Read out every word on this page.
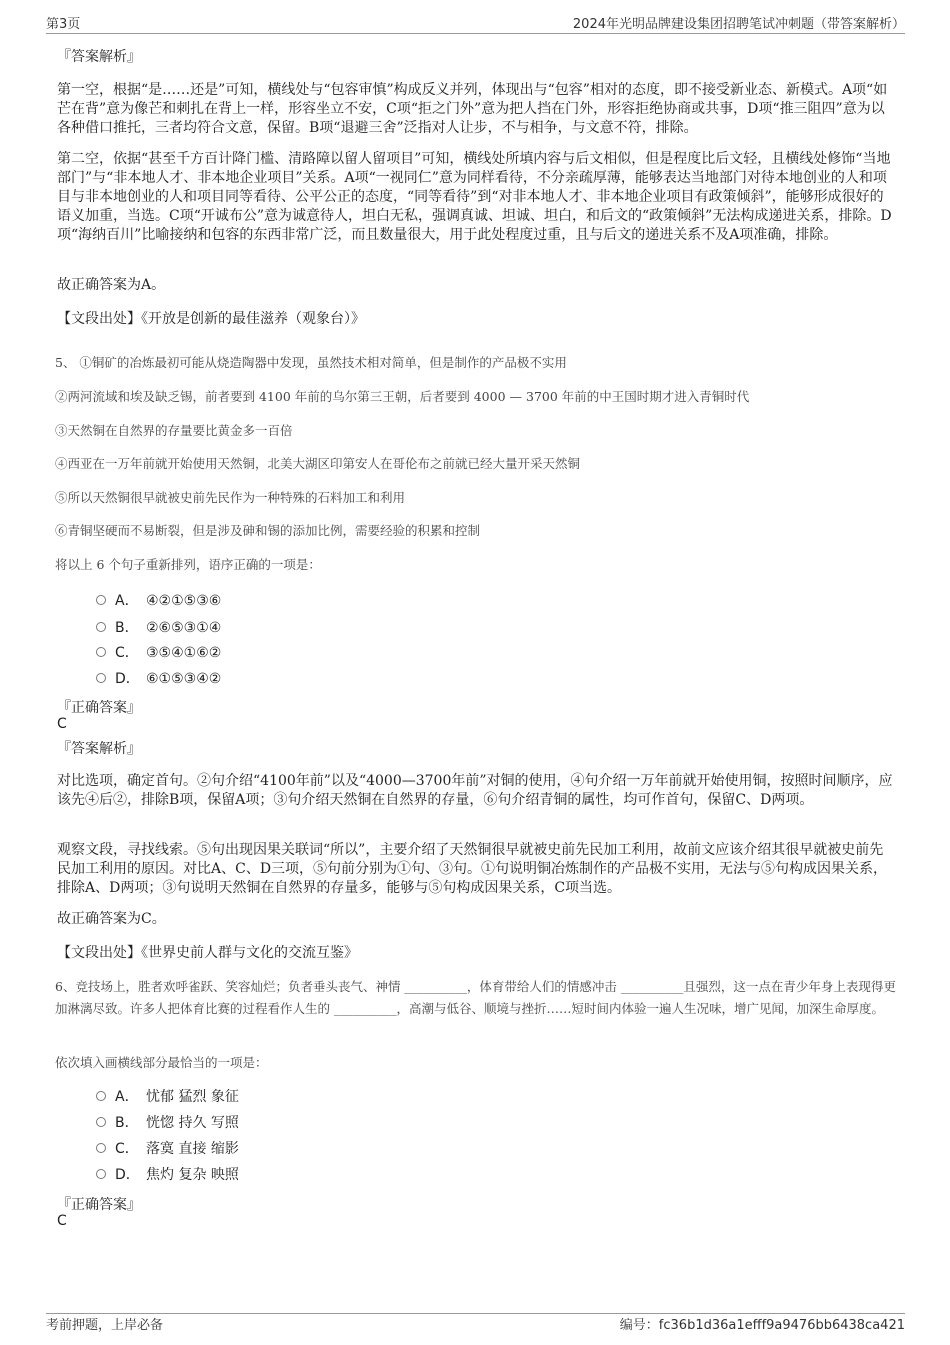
第3页	2024年光明品牌建设集团招聘笔试冲刺题（带答案解析）
『答案解析』

第一空，根据“是……还是”可知，横线处与“包容审慎”构成反义并列，体现出与“包容”相对的态度，即不接受新业态、新模式。A项“如芒在背”意为像芒和刺扎在背上一样，形容坐立不安，C项“拒之门外”意为把人挡在门外，形容拒绝协商或共事，D项“推三阻四”意为以各种借口推托，三者均符合文意，保留。B项“退避三舍”泛指对人让步，不与相争，与文意不符，排除。

第二空，依据“甚至千方百计降门槛、清路障以留人留项目”可知，横线处所填内容与后文相似，但是程度比后文轻，且横线处修饰“当地部门”与“非本地人才、非本地企业项目”关系。A项“一视同仁”意为同样看待，不分亲疏厚薄，能够表达当地部门对待本地创业的人和项目与非本地创业的人和项目同等看待、公平公正的态度，“同等看待”到“对非本地人才、非本地企业项目有政策倾斜”，能够形成很好的语义加重，当选。C项“开诚布公”意为诚意待人，坦白无私，强调真诚、坦诚、坦白，和后文的“政策倾斜”无法构成递进关系，排除。D项“海纳百川”比喻接纳和包容的东西非常广泛，而且数量很大，用于此处程度过重，且与后文的递进关系不及A项准确，排除。

故正确答案为A。
【文段出处】《开放是创新的最佳滋养（观象台）》
5、 ①铜矿的冶炼最初可能从烧造陶器中发现，虽然技术相对简单，但是制作的产品极不实用
②两河流域和埃及缺乏锡，前者要到 4100 年前的乌尔第三王朝，后者要到 4000 — 3700 年前的中王国时期才进入青铜时代
③天然铜在自然界的存量要比黄金多一百倍
④西亚在一万年前就开始使用天然铜，北美大湖区印第安人在哥伦布之前就已经大量开采天然铜
⑤所以天然铜很早就被史前先民作为一种特殊的石料加工和利用
⑥青铜坚硬而不易断裂，但是涉及砷和锡的添加比例，需要经验的积累和控制
将以上 6 个句子重新排列，语序正确的一项是：
A． ④②①⑤③⑥
B． ②⑥⑤③①④
C． ③⑤④①⑥②
D． ⑥①⑤③④②
『正确答案』
C
『答案解析』

对比选项，确定首句。②句介绍“4100年前”以及“4000—3700年前”对铜的使用，④句介绍一万年前就开始使用铜，按照时间顺序，应该先④后②，排除B项，保留A项；③句介绍天然铜在自然界的存量，⑥句介绍青铜的属性，均可作首句，保留C、D两项。

观察文段，寻找线索。⑤句出现因果关联词“所以”，主要介绍了天然铜很早就被史前先民加工利用，故前文应该介绍其很早就被史前先民加工利用的原因。对比A、C、D三项，⑤句前分别为①句、③句。①句说明铜冶炼制作的产品极不实用，无法与⑤句构成因果关系，排除A、D两项；③句说明天然铜在自然界的存量多，能够与⑤句构成因果关系，C项当选。

故正确答案为C。
【文段出处】《世界史前人群与文化的交流互鉴》

6、竞技场上，胜者欢呼雀跃、笑容灿烂；负者垂头丧气、神情 __________，体育带给人们的情感冲击 __________且强烈，这一点在青少年身上表现得更加淋漓尽致。许多人把体育比赛的过程看作人生的 __________，高潮与低谷、顺境与挫折……短时间内体验一遍人生况味，增广见闻，加深生命厚度。

依次填入画横线部分最恰当的一项是：
A． 忧郁 猛烈 象征
B． 恍惚 持久 写照
C． 落寞 直接 缩影
D． 焦灼 复杂 映照
『正确答案』
C
考前押题，上岸必备	编号：fc36b1d36a1efff9a9476bb6438ca421
